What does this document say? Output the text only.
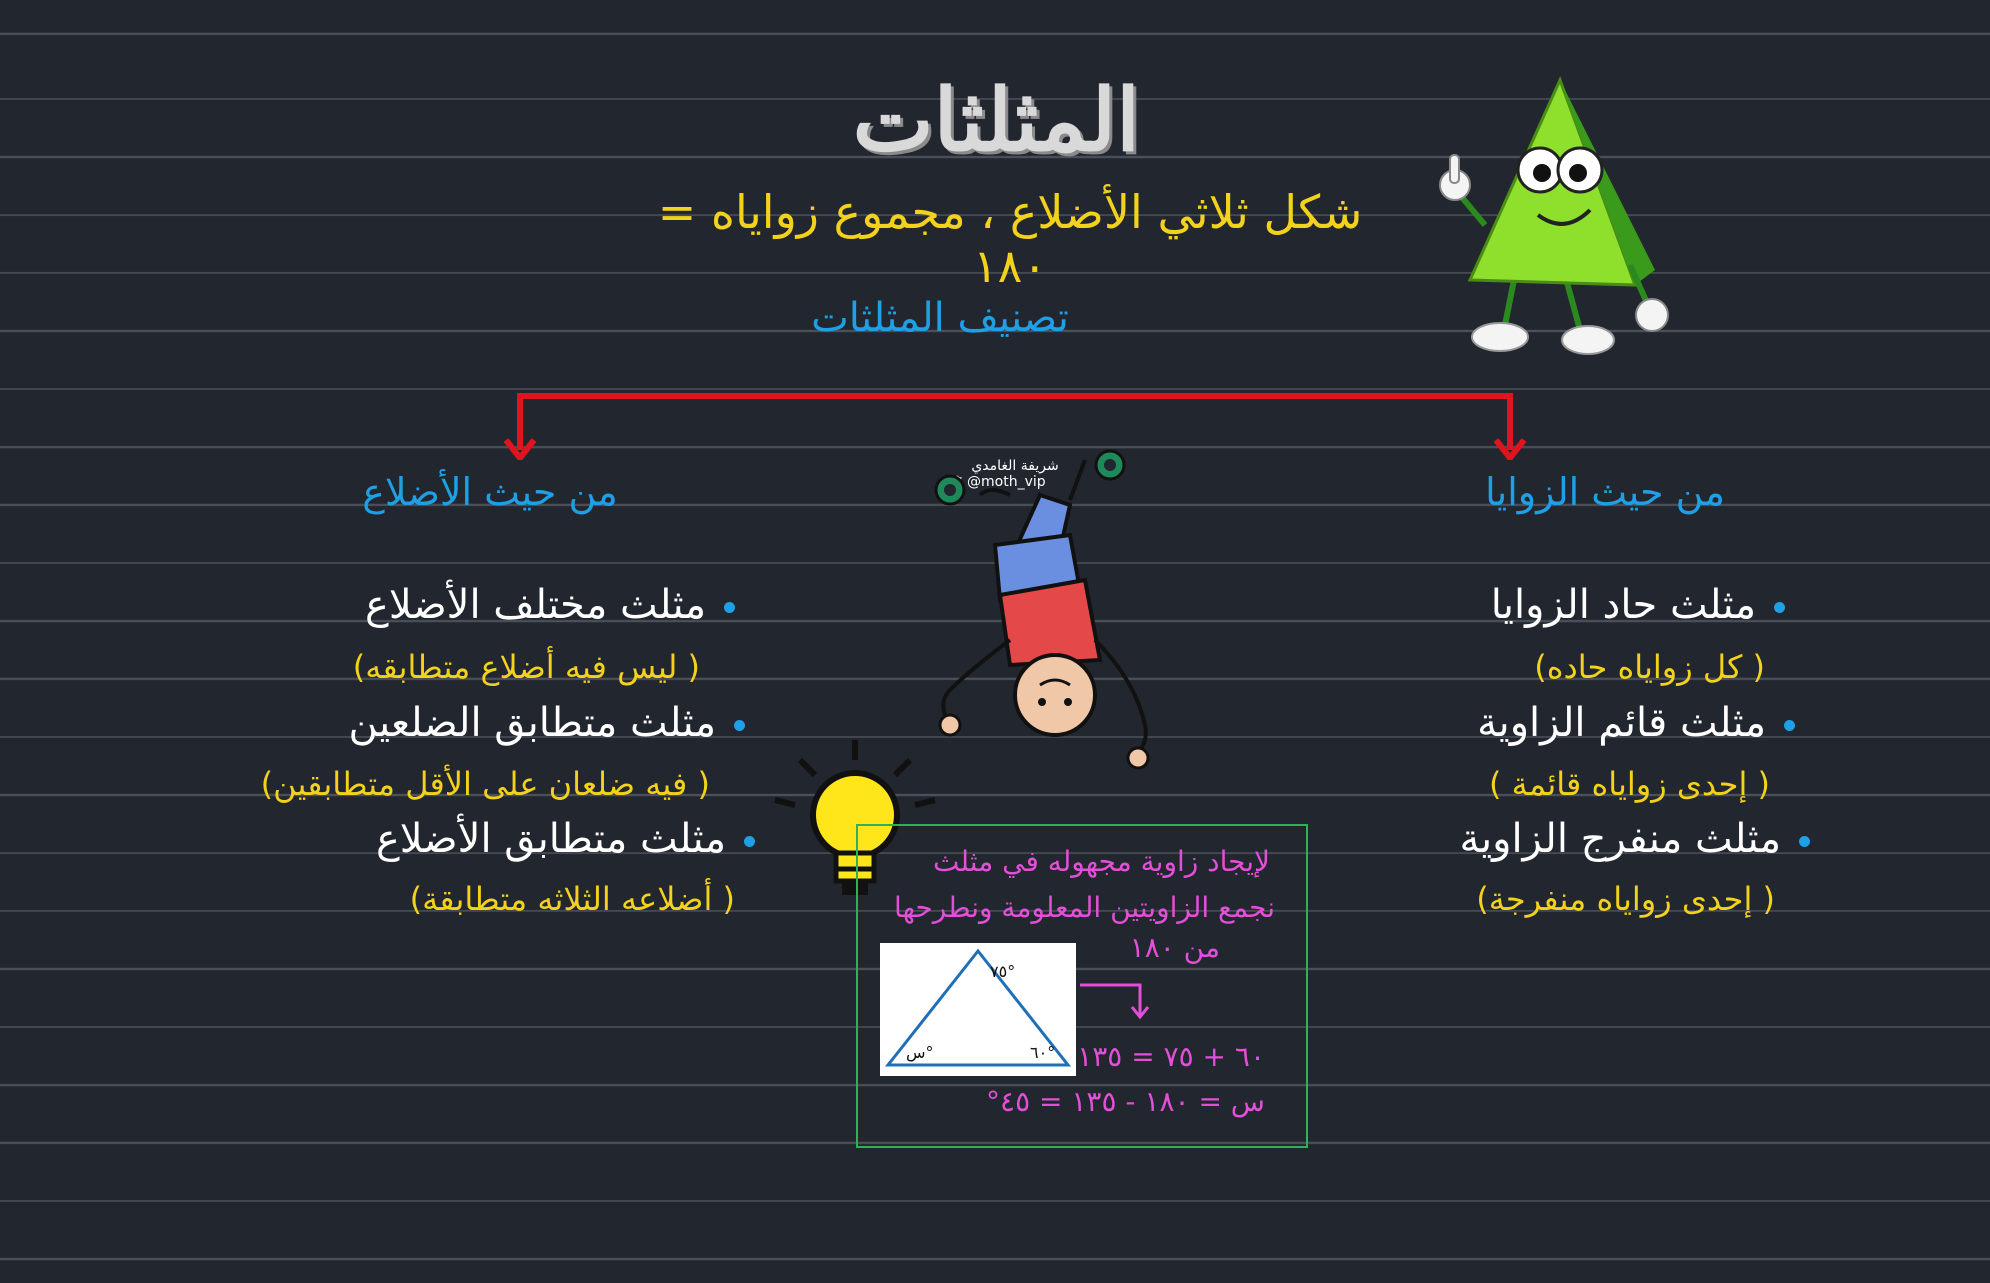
المثلثات
شكل ثلاثي الأضلاع ، مجموع زواياه = ١٨٠
تصنيف المثلثات
من حيث الزوايا
من حيث الأضلاع
مثلث حاد الزوايا
( كل زواياه حاده)
مثلث قائم الزاوية
( إحدى زواياه قائمة )
مثلث منفرج الزاوية
( إحدى زواياه منفرجة)
مثلث مختلف الأضلاع
( ليس فيه أضلاع متطابقه)
مثلث متطابق الضلعين
( فيه ضلعان على الأقل متطابقين)
مثلث متطابق الأضلاع
( أضلاعه الثلاثه متطابقة)
شريفة الغامدي
@moth_vip
لإيجاد زاوية مجهوله في مثلث
نجمع الزاويتين المعلومة ونطرحها
من ١٨٠
٧٥°
س°	٦٠° ٦٠ + ٧٥ = ١٣٥
س = ١٨٠ - ١٣٥ = ٤٥°
